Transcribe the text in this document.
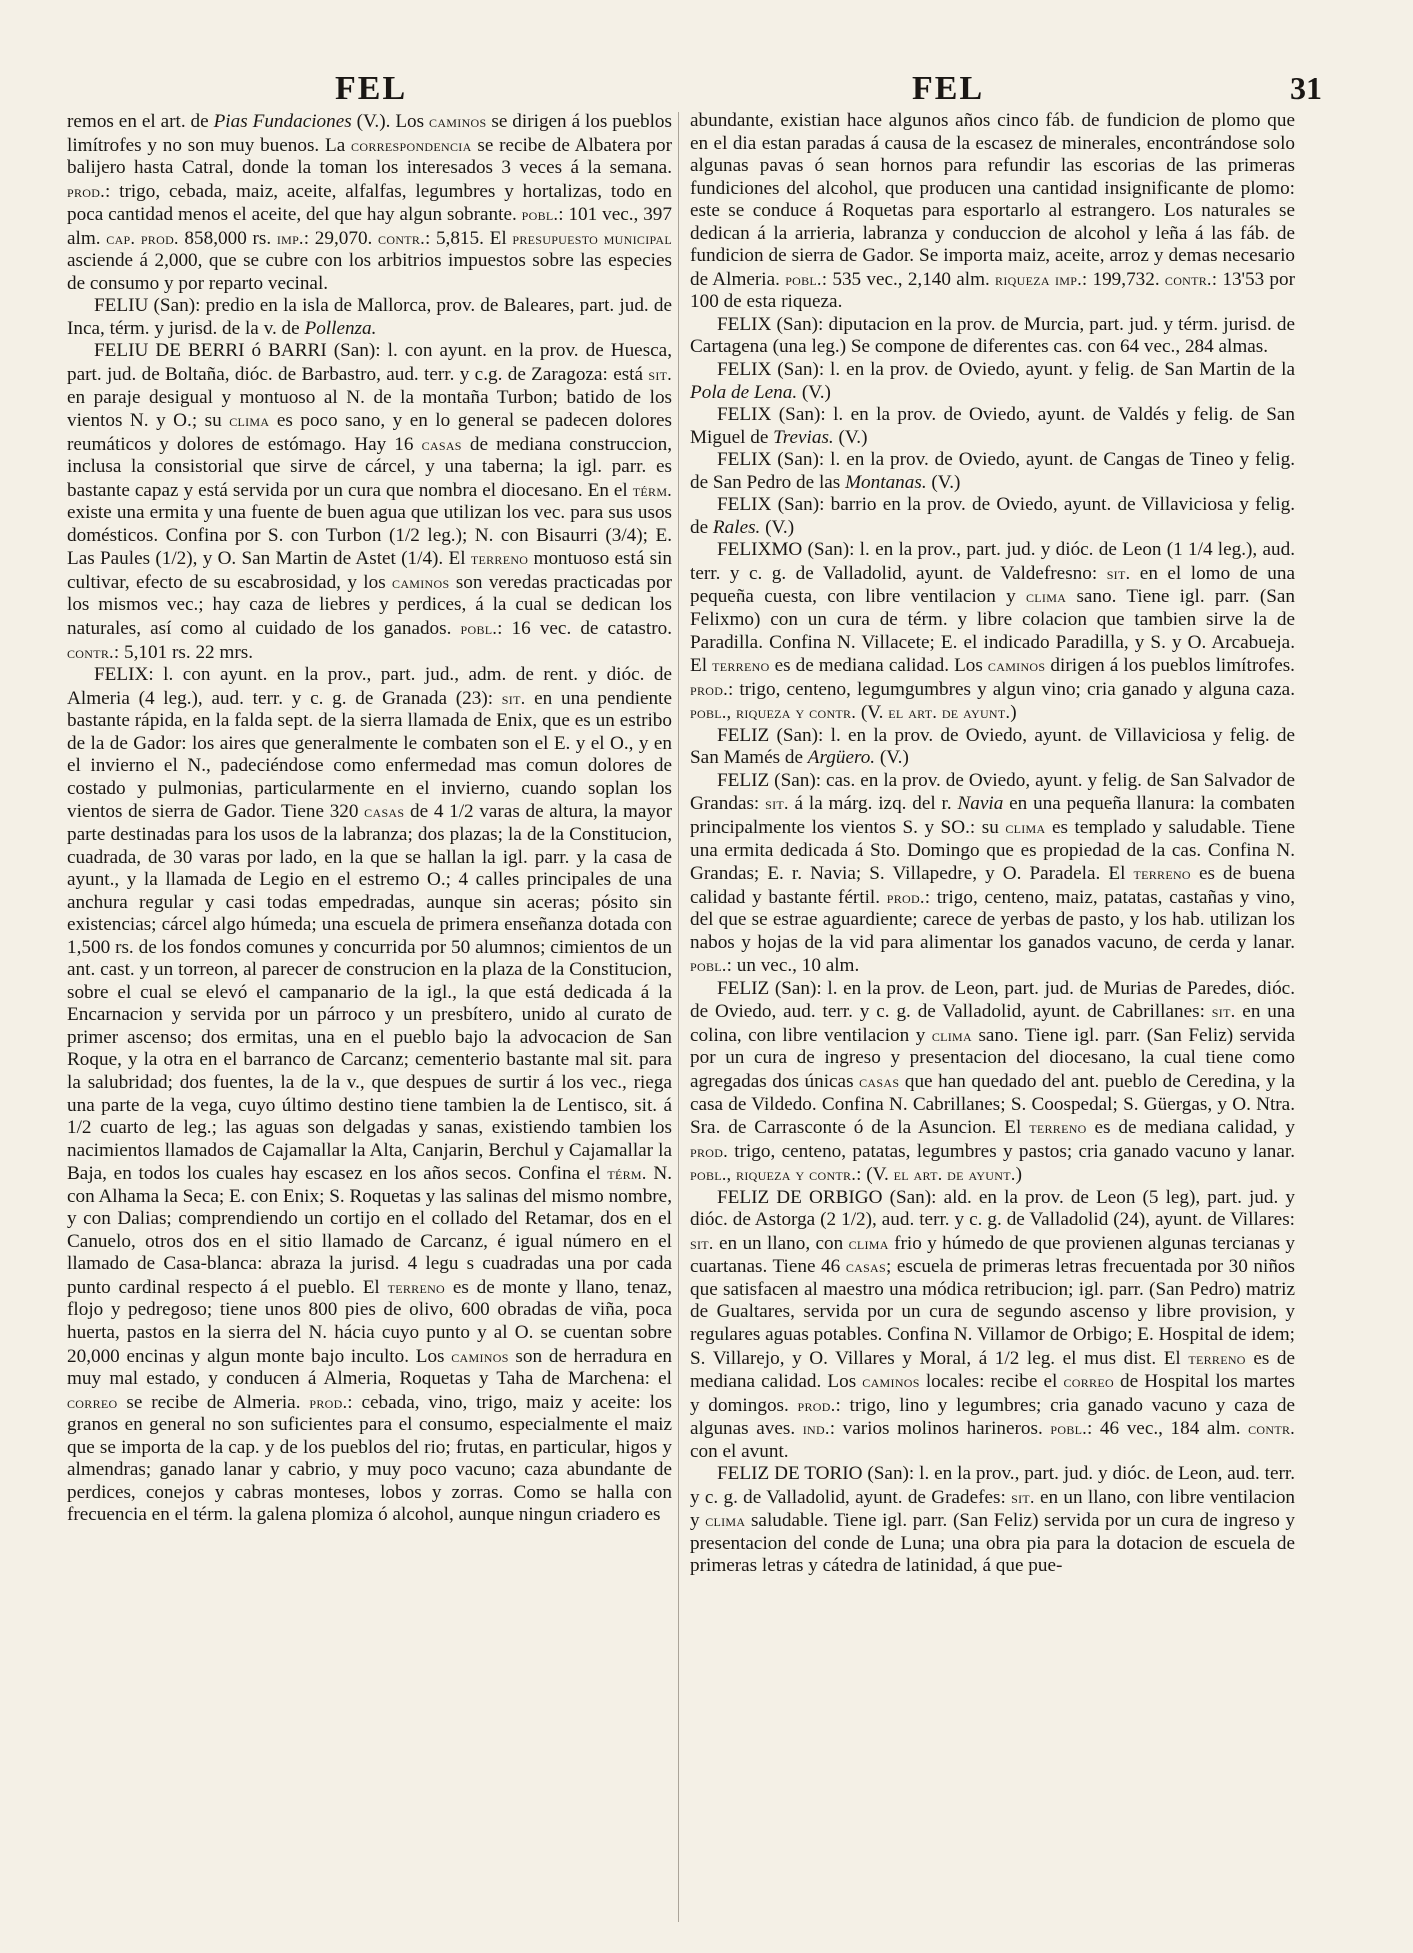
FEL	FEL	31

remos en el art. de Pias Fundaciones (V.). Los caminos se dirigen á los pueblos limítrofes y no son muy buenos. La correspondencia se recibe de Albatera por balijero hasta Catral, donde la toman los interesados 3 veces á la semana. prod.: trigo, cebada, maiz, aceite, alfalfas, legumbres y hortalizas, todo en poca cantidad menos el aceite, del que hay algun sobrante. pobl.: 101 vec., 397 alm. cap. prod. 858,000 rs. imp.: 29,070. contr.: 5,815. El presupuesto municipal asciende á 2,000, que se cubre con los arbitrios impuestos sobre las especies de consumo y por reparto vecinal.

FELIU (San): predio en la isla de Mallorca, prov. de Baleares, part. jud. de Inca, térm. y jurisd. de la v. de Pollenza.

FELIU DE BERRI ó BARRI (San): l. con ayunt. en la prov. de Huesca, part. jud. de Boltaña, dióc. de Barbastro, aud. terr. y c.g. de Zaragoza: está sit. en paraje desigual y montuoso al N. de la montaña Turbon; batido de los vientos N. y O.; su clima es poco sano, y en lo general se padecen dolores reumáticos y dolores de estómago. Hay 16 casas de mediana construccion, inclusa la consistorial que sirve de cárcel, y una taberna; la igl. parr. es bastante capaz y está servida por un cura que nombra el diocesano. En el térm. existe una ermita y una fuente de buen agua que utilizan los vec. para sus usos domésticos. Confina por S. con Turbon (1/2 leg.); N. con Bisaurri (3/4); E. Las Paules (1/2), y O. San Martin de Astet (1/4). El terreno montuoso está sin cultivar, efecto de su escabrosidad, y los caminos son veredas practicadas por los mismos vec.; hay caza de liebres y perdices, á la cual se dedican los naturales, así como al cuidado de los ganados. pobl.: 16 vec. de catastro. contr.: 5,101 rs. 22 mrs.

FELIX: l. con ayunt. en la prov., part. jud., adm. de rent. y dióc. de Almeria (4 leg.), aud. terr. y c. g. de Granada (23): sit. en una pendiente bastante rápida, en la falda sept. de la sierra llamada de Enix, que es un estribo de la de Gador: los aires que generalmente le combaten son el E. y el O., y en el invierno el N., padeciéndose como enfermedad mas comun dolores de costado y pulmonias, particularmente en el invierno, cuando soplan los vientos de sierra de Gador. Tiene 320 casas de 4 1/2 varas de altura, la mayor parte destinadas para los usos de la labranza; dos plazas; la de la Constitucion, cuadrada, de 30 varas por lado, en la que se hallan la igl. parr. y la casa de ayunt., y la llamada de Legio en el estremo O.; 4 calles principales de una anchura regular y casi todas empedradas, aunque sin aceras; pósito sin existencias; cárcel algo húmeda; una escuela de primera enseñanza dotada con 1,500 rs. de los fondos comunes y concurrida por 50 alumnos; cimientos de un ant. cast. y un torreon, al parecer de construcion en la plaza de la Constitucion, sobre el cual se elevó el campanario de la igl., la que está dedicada á la Encarnacion y servida por un párroco y un presbítero, unido al curato de primer ascenso; dos ermitas, una en el pueblo bajo la advocacion de San Roque, y la otra en el barranco de Carcanz; cementerio bastante mal sit. para la salubridad; dos fuentes, la de la v., que despues de surtir á los vec., riega una parte de la vega, cuyo último destino tiene tambien la de Lentisco, sit. á 1/2 cuarto de leg.; las aguas son delgadas y sanas, existiendo tambien los nacimientos llamados de Cajamallar la Alta, Canjarin, Berchul y Cajamallar la Baja, en todos los cuales hay escasez en los años secos. Confina el térm. N. con Alhama la Seca; E. con Enix; S. Roquetas y las salinas del mismo nombre, y con Dalias; comprendiendo un cortijo en el collado del Retamar, dos en el Canuelo, otros dos en el sitio llamado de Carcanz, é igual número en el llamado de Casa-blanca: abraza la jurisd. 4 legu s cuadradas una por cada punto cardinal respecto á el pueblo. El terreno es de monte y llano, tenaz, flojo y pedregoso; tiene unos 800 pies de olivo, 600 obradas de viña, poca huerta, pastos en la sierra del N. hácia cuyo punto y al O. se cuentan sobre 20,000 encinas y algun monte bajo inculto. Los caminos son de herradura en muy mal estado, y conducen á Almeria, Roquetas y Taha de Marchena: el correo se recibe de Almeria. prod.: cebada, vino, trigo, maiz y aceite: los granos en general no son suficientes para el consumo, especialmente el maiz que se importa de la cap. y de los pueblos del rio; frutas, en particular, higos y almendras; ganado lanar y cabrio, y muy poco vacuno; caza abundante de perdices, conejos y cabras monteses, lobos y zorras. Como se halla con frecuencia en el térm. la galena plomiza ó alcohol, aunque ningun criadero es

abundante, existian hace algunos años cinco fáb. de fundicion de plomo que en el dia estan paradas á causa de la escasez de minerales, encontrándose solo algunas pavas ó sean hornos para refundir las escorias de las primeras fundiciones del alcohol, que producen una cantidad insignificante de plomo: este se conduce á Roquetas para esportarlo al estrangero. Los naturales se dedican á la arrieria, labranza y conduccion de alcohol y leña á las fáb. de fundicion de sierra de Gador. Se importa maiz, aceite, arroz y demas necesario de Almeria. pobl.: 535 vec., 2,140 alm. riqueza imp.: 199,732. contr.: 13'53 por 100 de esta riqueza.

FELIX (San): diputacion en la prov. de Murcia, part. jud. y térm. jurisd. de Cartagena (una leg.) Se compone de diferentes cas. con 64 vec., 284 almas.

FELIX (San): l. en la prov. de Oviedo, ayunt. y felig. de San Martin de la Pola de Lena. (V.)

FELIX (San): l. en la prov. de Oviedo, ayunt. de Valdés y felig. de San Miguel de Trevias. (V.)

FELIX (San): l. en la prov. de Oviedo, ayunt. de Cangas de Tineo y felig. de San Pedro de las Montanas. (V.)

FELIX (San): barrio en la prov. de Oviedo, ayunt. de Villaviciosa y felig. de Rales. (V.)

FELIXMO (San): l. en la prov., part. jud. y dióc. de Leon (1 1/4 leg.), aud. terr. y c. g. de Valladolid, ayunt. de Valdefresno: sit. en el lomo de una pequeña cuesta, con libre ventilacion y clima sano. Tiene igl. parr. (San Felixmo) con un cura de térm. y libre colacion que tambien sirve la de Paradilla. Confina N. Villacete; E. el indicado Paradilla, y S. y O. Arcabueja. El terreno es de mediana calidad. Los caminos dirigen á los pueblos limítrofes. prod.: trigo, centeno, legumgumbres y algun vino; cria ganado y alguna caza. pobl., riqueza y contr. (V. el art. de ayunt.)

FELIZ (San): l. en la prov. de Oviedo, ayunt. de Villaviciosa y felig. de San Mamés de Argüero. (V.)

FELIZ (San): cas. en la prov. de Oviedo, ayunt. y felig. de San Salvador de Grandas: sit. á la márg. izq. del r. Navia en una pequeña llanura: la combaten principalmente los vientos S. y SO.: su clima es templado y saludable. Tiene una ermita dedicada á Sto. Domingo que es propiedad de la cas. Confina N. Grandas; E. r. Navia; S. Villapedre, y O. Paradela. El terreno es de buena calidad y bastante fértil. prod.: trigo, centeno, maiz, patatas, castañas y vino, del que se estrae aguardiente; carece de yerbas de pasto, y los hab. utilizan los nabos y hojas de la vid para alimentar los ganados vacuno, de cerda y lanar. pobl.: un vec., 10 alm.

FELIZ (San): l. en la prov. de Leon, part. jud. de Murias de Paredes, dióc. de Oviedo, aud. terr. y c. g. de Valladolid, ayunt. de Cabrillanes: sit. en una colina, con libre ventilacion y clima sano. Tiene igl. parr. (San Feliz) servida por un cura de ingreso y presentacion del diocesano, la cual tiene como agregadas dos únicas casas que han quedado del ant. pueblo de Ceredina, y la casa de Vildedo. Confina N. Cabrillanes; S. Coospedal; S. Güergas, y O. Ntra. Sra. de Carrasconte ó de la Asuncion. El terreno es de mediana calidad, y prod. trigo, centeno, patatas, legumbres y pastos; cria ganado vacuno y lanar. pobl., riqueza y contr.: (V. el art. de ayunt.)

FELIZ DE ORBIGO (San): ald. en la prov. de Leon (5 leg), part. jud. y dióc. de Astorga (2 1/2), aud. terr. y c. g. de Valladolid (24), ayunt. de Villares: sit. en un llano, con clima frio y húmedo de que provienen algunas tercianas y cuartanas. Tiene 46 casas; escuela de primeras letras frecuentada por 30 niños que satisfacen al maestro una módica retribucion; igl. parr. (San Pedro) matriz de Gualtares, servida por un cura de segundo ascenso y libre provision, y regulares aguas potables. Confina N. Villamor de Orbigo; E. Hospital de idem; S. Villarejo, y O. Villares y Moral, á 1/2 leg. el mus dist. El terreno es de mediana calidad. Los caminos locales: recibe el correo de Hospital los martes y domingos. prod.: trigo, lino y legumbres; cria ganado vacuno y caza de algunas aves. ind.: varios molinos harineros. pobl.: 46 vec., 184 alm. contr. con el avunt.

FELIZ DE TORIO (San): l. en la prov., part. jud. y dióc. de Leon, aud. terr. y c. g. de Valladolid, ayunt. de Gradefes: sit. en un llano, con libre ventilacion y clima saludable. Tiene igl. parr. (San Feliz) servida por un cura de ingreso y presentacion del conde de Luna; una obra pia para la dotacion de escuela de primeras letras y cátedra de latinidad, á que pue-
